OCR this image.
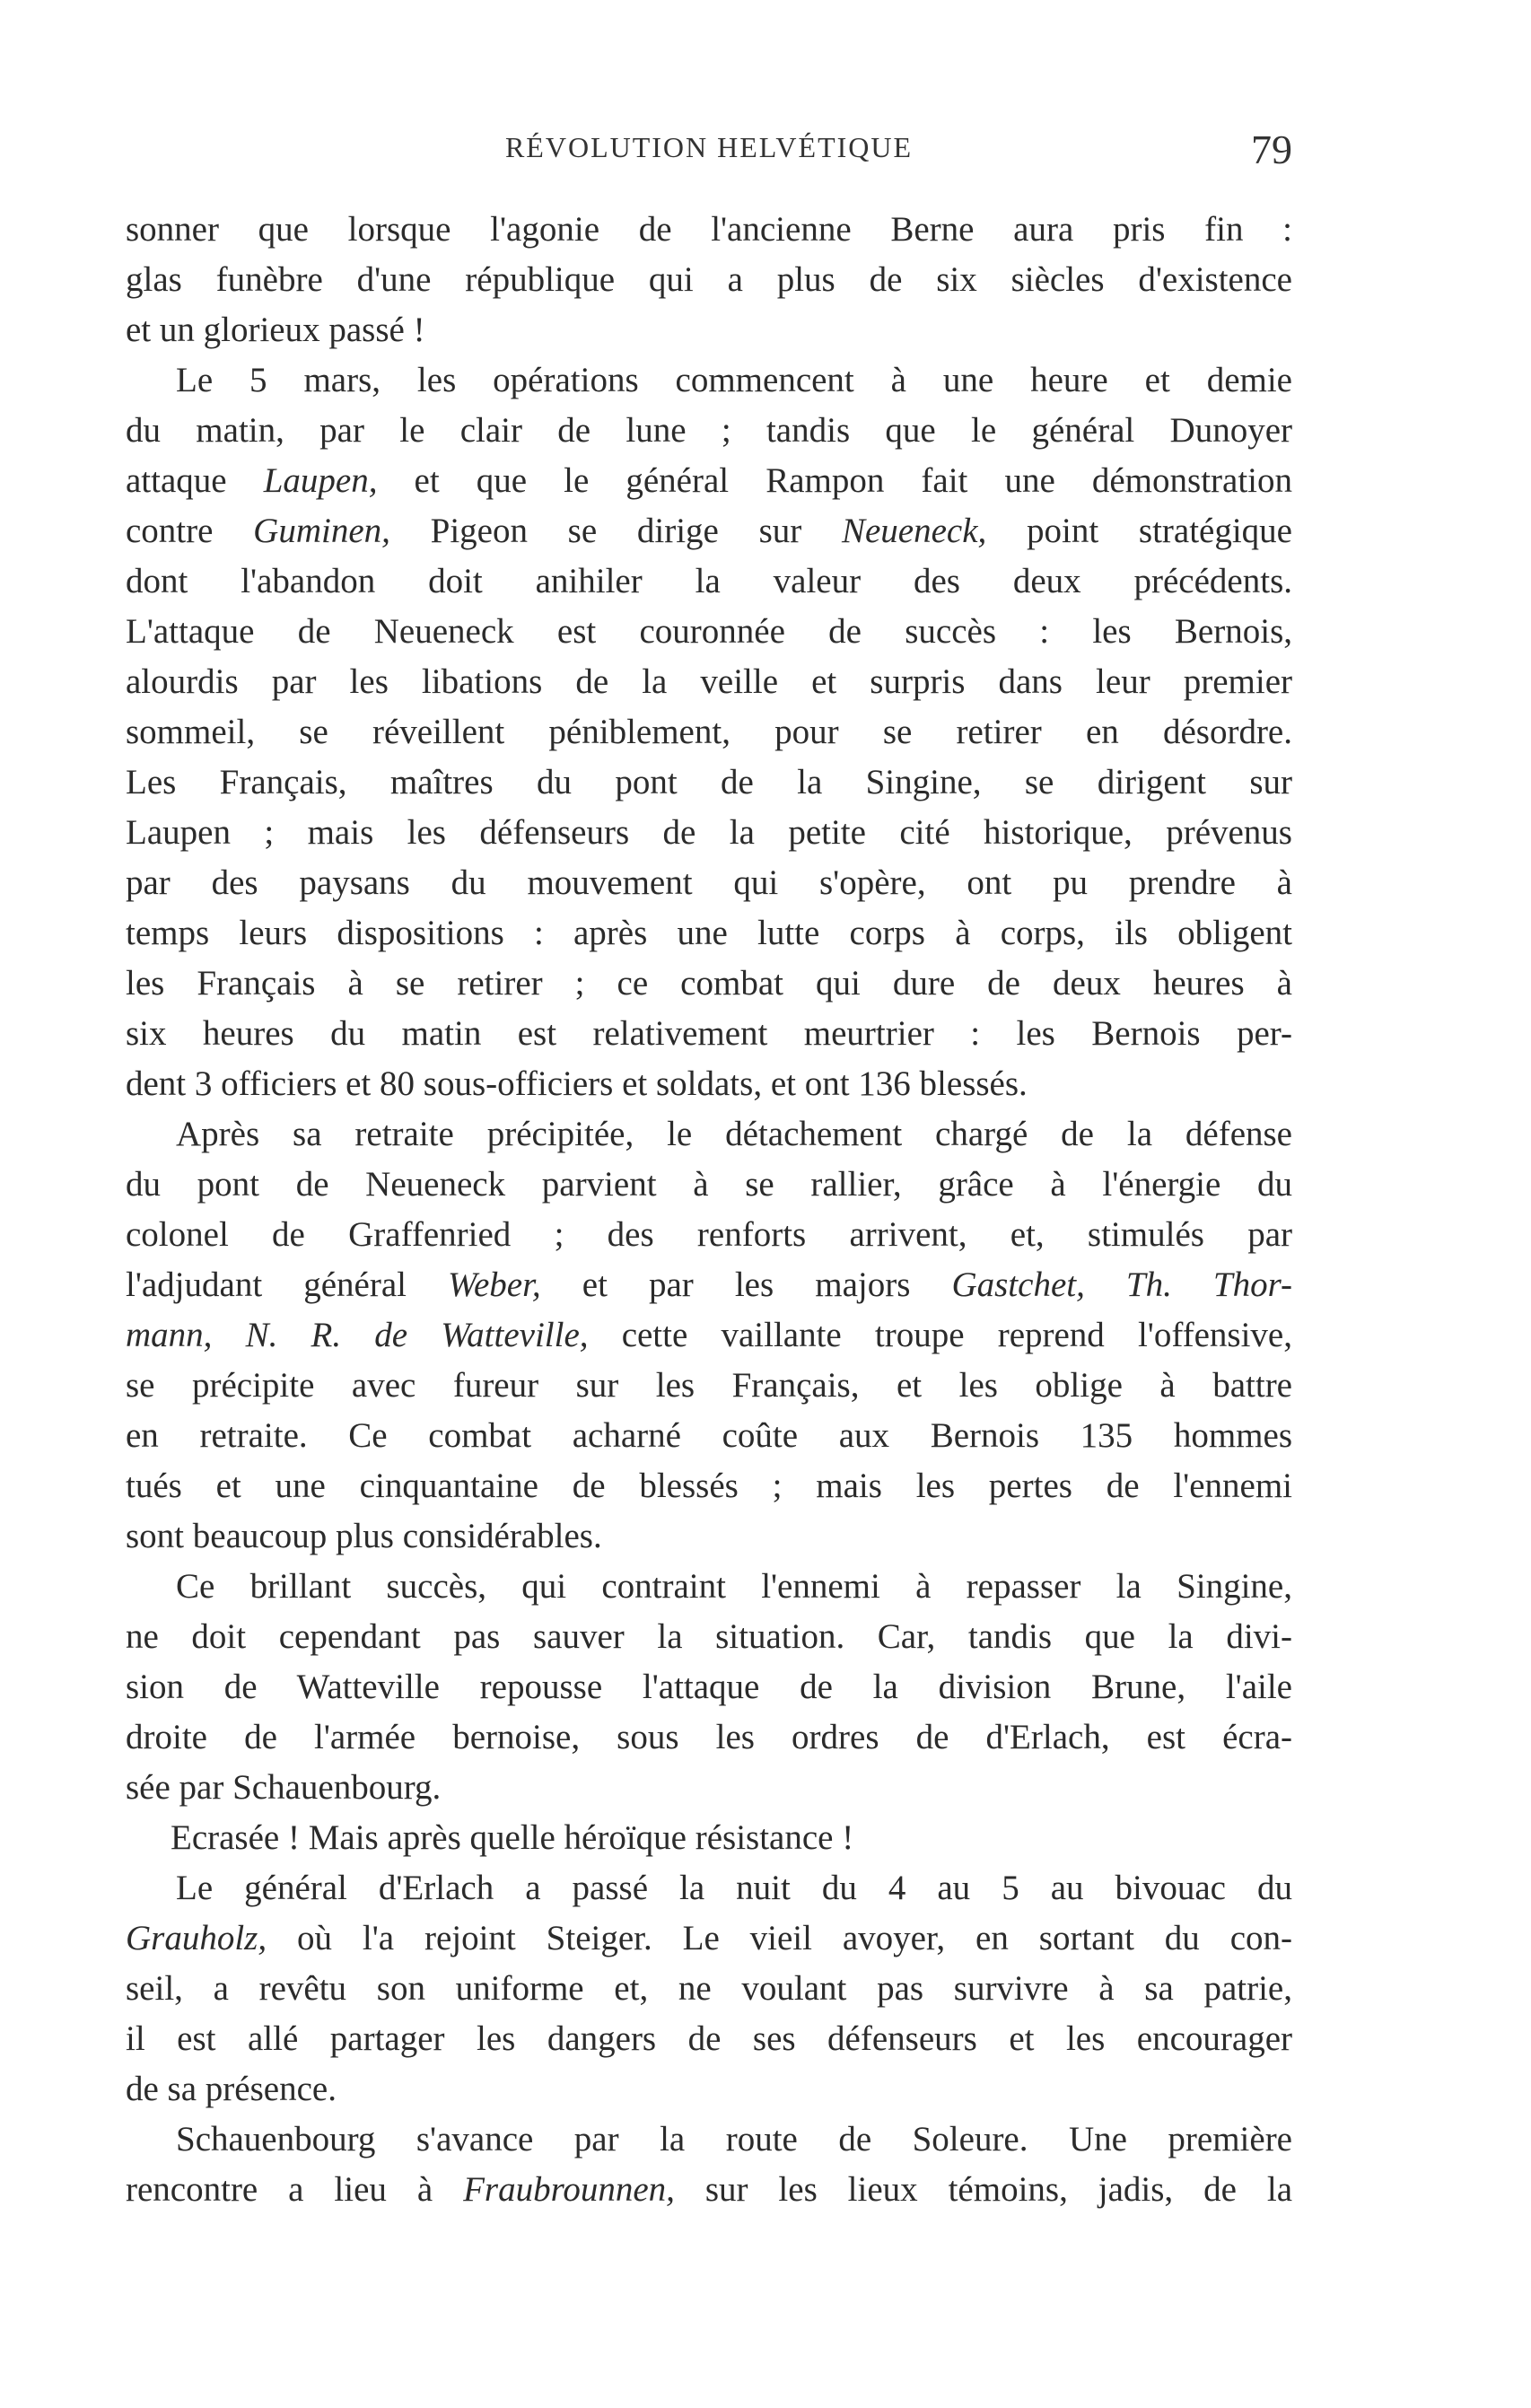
RÉVOLUTION HELVÉTIQUE	79
sonner que lorsque l'agonie de l'ancienne Berne aura pris fin :
glas funèbre d'une république qui a plus de six siècles d'existence
et un glorieux passé !
Le 5 mars, les opérations commencent à une heure et demie
du matin, par le clair de lune ; tandis que le général Dunoyer
attaque Laupen, et que le général Rampon fait une démonstration
contre Guminen, Pigeon se dirige sur Neueneck, point stratégique
dont l'abandon doit anihiler la valeur des deux précédents.
L'attaque de Neueneck est couronnée de succès : les Bernois,
alourdis par les libations de la veille et surpris dans leur premier
sommeil, se réveillent péniblement, pour se retirer en désordre.
Les Français, maîtres du pont de la Singine, se dirigent sur
Laupen ; mais les défenseurs de la petite cité historique, prévenus
par des paysans du mouvement qui s'opère, ont pu prendre à
temps leurs dispositions : après une lutte corps à corps, ils obligent
les Français à se retirer ; ce combat qui dure de deux heures à
six heures du matin est relativement meurtrier : les Bernois per-
dent 3 officiers et 80 sous-officiers et soldats, et ont 136 blessés.
Après sa retraite précipitée, le détachement chargé de la défense
du pont de Neueneck parvient à se rallier, grâce à l'énergie du
colonel de Graffenried ; des renforts arrivent, et, stimulés par
l'adjudant général Weber, et par les majors Gastchet, Th. Thor-
mann, N. R. de Watteville, cette vaillante troupe reprend l'offensive,
se précipite avec fureur sur les Français, et les oblige à battre
en retraite. Ce combat acharné coûte aux Bernois 135 hommes
tués et une cinquantaine de blessés ; mais les pertes de l'ennemi
sont beaucoup plus considérables.
Ce brillant succès, qui contraint l'ennemi à repasser la Singine,
ne doit cependant pas sauver la situation. Car, tandis que la divi-
sion de Watteville repousse l'attaque de la division Brune, l'aile
droite de l'armée bernoise, sous les ordres de d'Erlach, est écra-
sée par Schauenbourg.
Ecrasée ! Mais après quelle héroïque résistance !
Le général d'Erlach a passé la nuit du 4 au 5 au bivouac du
Grauholz, où l'a rejoint Steiger. Le vieil avoyer, en sortant du con-
seil, a revêtu son uniforme et, ne voulant pas survivre à sa patrie,
il est allé partager les dangers de ses défenseurs et les encourager
de sa présence.
Schauenbourg s'avance par la route de Soleure. Une première
rencontre a lieu à Fraubrounnen, sur les lieux témoins, jadis, de la
